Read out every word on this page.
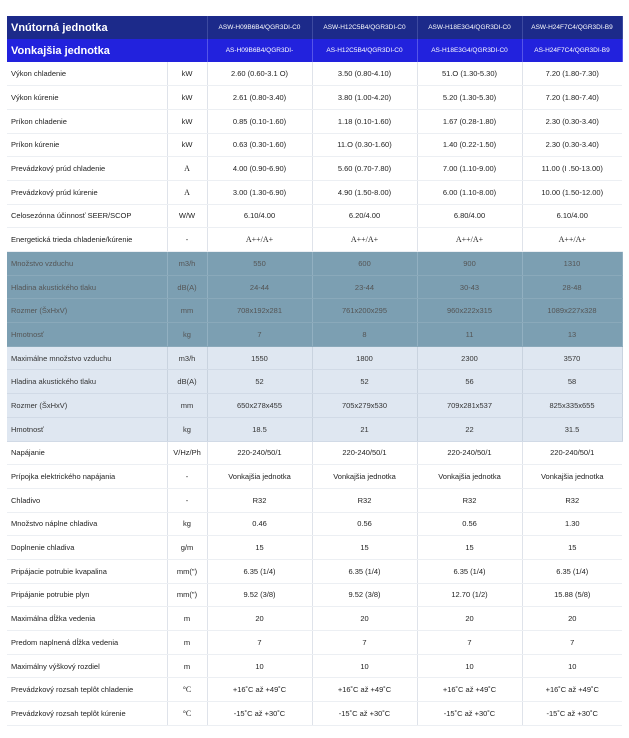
Vnútorná jednotka		ASW-H09B6B4/QGR3DI-C0	ASW-H12C5B4/QGR3DI-C0	ASW-H18E3G4/QGR3DI-C0	ASW-H24F7C4/QGR3DI-B9
Vonkajšia jednotka		AS-H09B6B4/QGR3DI-	AS-H12C5B4/QGR3DI-C0	AS-H18E3G4/QGR3DI-C0	AS-H24F7C4/QGR3DI-B9
Výkon chladenie	kW	2.60 (0.60-3.1 O)	3.50 (0.80-4.10)	51.O (1.30-5.30)	7.20 (1.80-7.30)
Výkon kúrenie	kW	2.61 (0.80-3.40)	3.80 (1.00-4.20)	5.20 (1.30-5.30)	7.20 (1.80-7.40)
Príkon chladenie	kW	0.85 (0.10-1.60)	1.18 (0.10-1.60)	1.67 (0.28-1.80)	2.30 (0.30-3.40)
Príkon kúrenie	kW	0.63 (0.30-1.60)	11.O (0.30-1.60)	1.40 (0.22-1.50)	2.30 (0.30-3.40)
Prevádzkový prúd chladenie	A	4.00 (0.90-6.90)	5.60 (0.70-7.80)	7.00 (1.10-9.00)	11.00 (I .50-13.00)
Prevádzkový prúd kúrenie	A	3.00 (1.30-6.90)	4.90 (1.50-8.00)	6.00 (1.10-8.00)	10.00 (1.50-12.00)
Celosezónna účinnosť SEER/SCOP	W/W	6.10/4.00	6.20/4.00	6.80/4.00	6.10/4.00
Energetická trieda chladenie/kúrenie	-	A++/A+	A++/A+	A++/A+	A++/A+
Množstvo vzduchu	m3/h	550	600	900	1310
Hladina akustického tlaku	dB(A)	24-44	23-44	30-43	28-48
Rozmer (ŠxHxV)	mm	708x192x281	761x200x295	960x222x315	1089x227x328
Hmotnosť	kg	7	8	11	13
Maximálne množstvo vzduchu	m3/h	1550	1800	2300	3570
Hladina akustického tlaku	dB(A)	52	52	56	58
Rozmer (ŠxHxV)	mm	650x278x455	705x279x530	709x281x537	825x335x655
Hmotnosť	kg	18.5	21	22	31.5
Napájanie	V/Hz/Ph	220-240/50/1	220-240/50/1	220-240/50/1	220-240/50/1
Prípojka elektrického napájania	-	Vonkajšia jednotka	Vonkajšia jednotka	Vonkajšia jednotka	Vonkajšia jednotka
Chladivo	-	R32	R32	R32	R32
Množstvo náplne chladiva	kg	0.46	0.56	0.56	1.30
Doplnenie chladiva	g/m	15	15	15	15
Pripájacie potrubie kvapalina	mm(")	6.35 (1/4)	6.35 (1/4)	6.35 (1/4)	6.35 (1/4)
Pripájanie potrubie plyn	mm(")	9.52 (3/8)	9.52 (3/8)	12.70 (1/2)	15.88 (5/8)
Maximálna dĺžka vedenia	m	20	20	20	20
Predom naplnená dĺžka vedenia	m	7	7	7	7
Maximálny výškový rozdiel	m	10	10	10	10
Prevádzkový rozsah teplôt chladenie	°C	+16˚C až +49˚C	+16˚C až +49˚C	+16˚C až +49˚C	+16˚C až +49˚C
Prevádzkový rozsah teplôt kúrenie	°C	-15˚C až +30˚C	-15˚C až +30˚C	-15˚C až +30˚C	-15˚C až +30˚C
